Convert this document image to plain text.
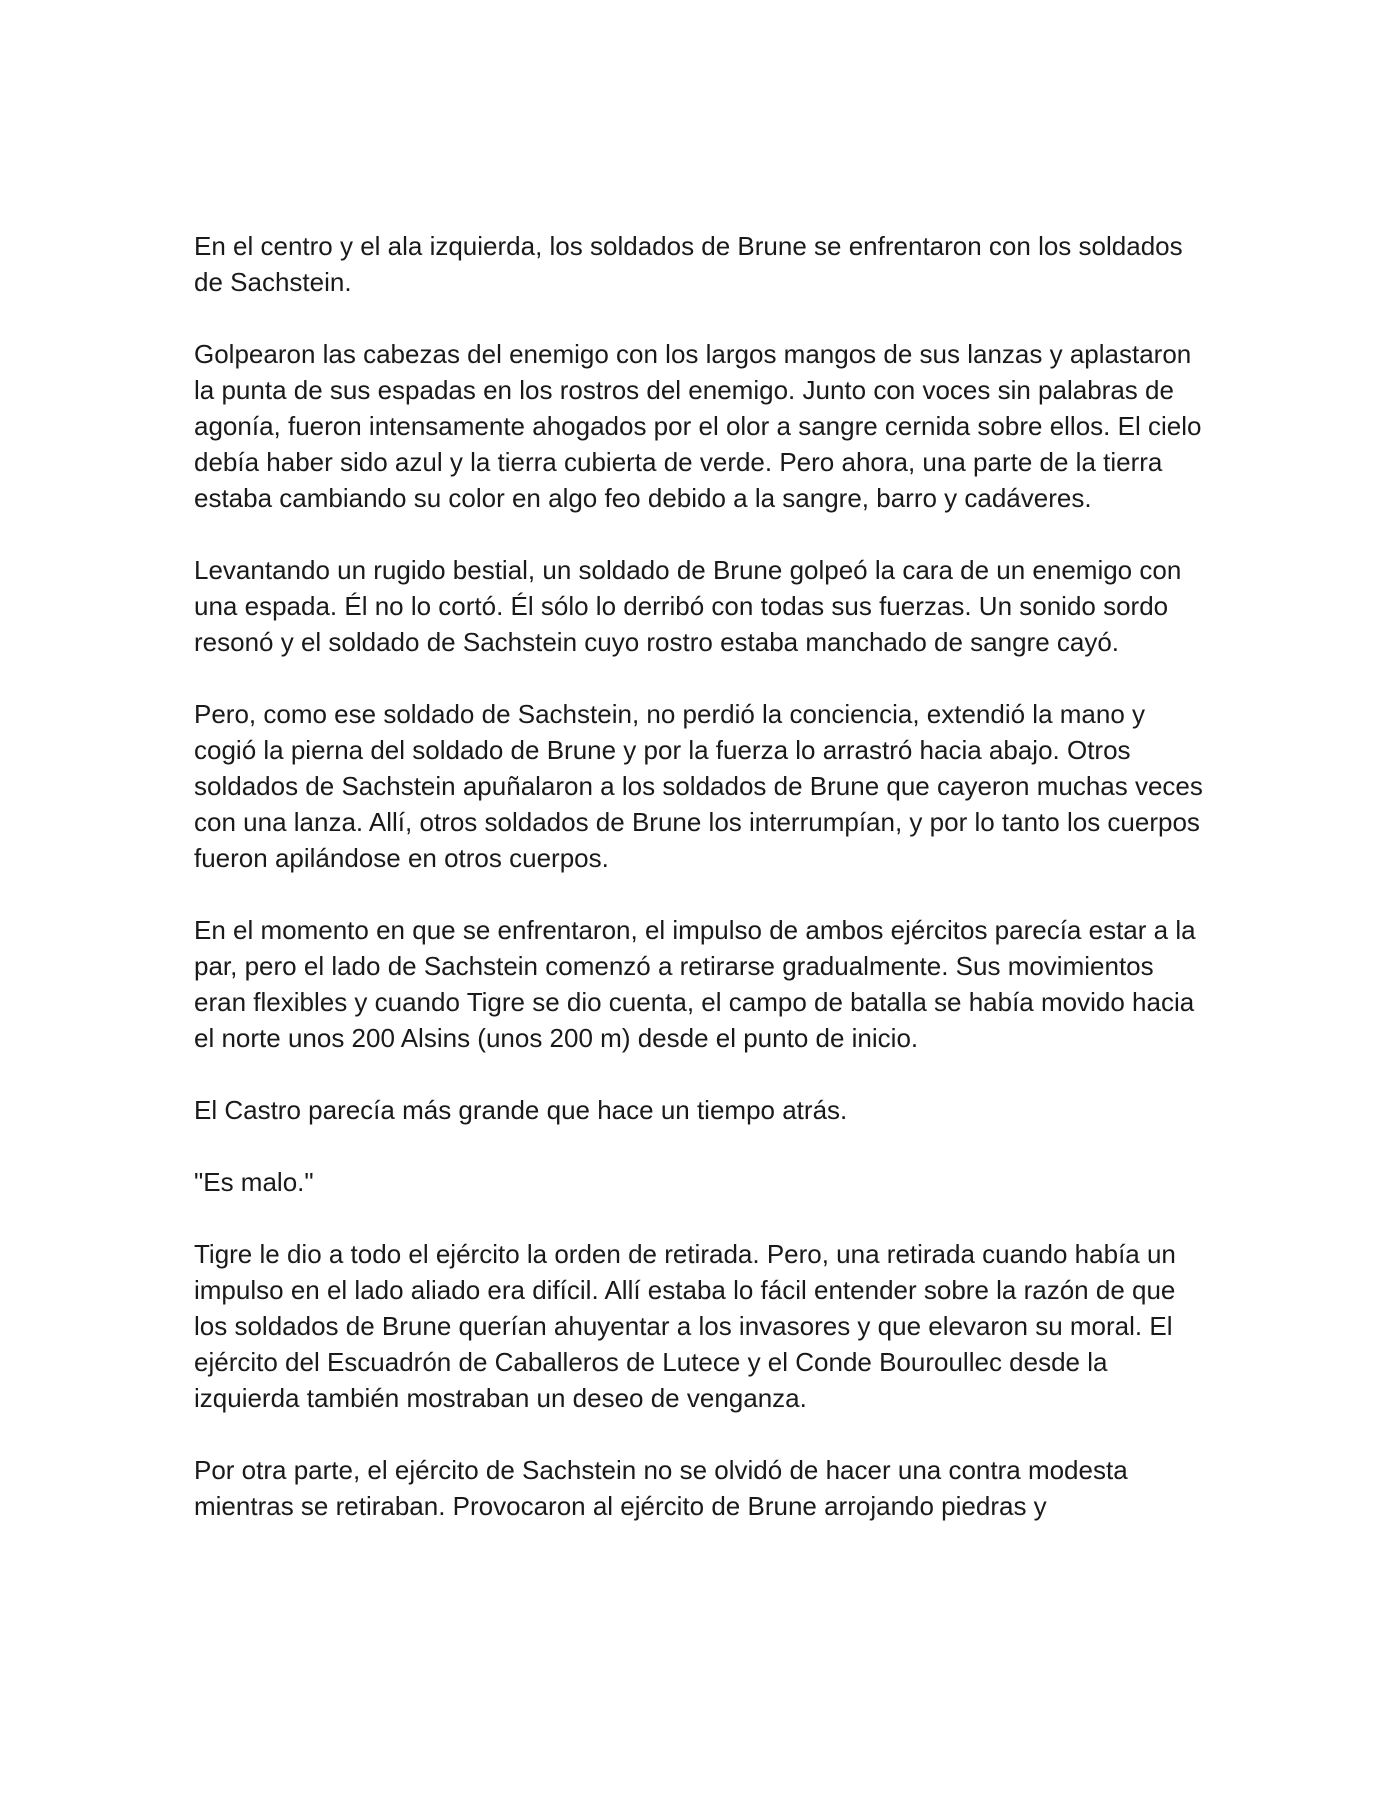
En el centro y el ala izquierda, los soldados de Brune se enfrentaron con los soldados de Sachstein.

Golpearon las cabezas del enemigo con los largos mangos de sus lanzas y aplastaron la punta de sus espadas en los rostros del enemigo. Junto con voces sin palabras de agonía, fueron intensamente ahogados por el olor a sangre cernida sobre ellos. El cielo debía haber sido azul y la tierra cubierta de verde. Pero ahora, una parte de la tierra estaba cambiando su color en algo feo debido a la sangre, barro y cadáveres.

Levantando un rugido bestial, un soldado de Brune golpeó la cara de un enemigo con una espada. Él no lo cortó. Él sólo lo derribó con todas sus fuerzas. Un sonido sordo resonó y el soldado de Sachstein cuyo rostro estaba manchado de sangre cayó.

Pero, como ese soldado de Sachstein, no perdió la conciencia, extendió la mano y cogió la pierna del soldado de Brune y por la fuerza lo arrastró hacia abajo. Otros soldados de Sachstein apuñalaron a los soldados de Brune que cayeron muchas veces con una lanza. Allí, otros soldados de Brune los interrumpían, y por lo tanto los cuerpos fueron apilándose en otros cuerpos.

En el momento en que se enfrentaron, el impulso de ambos ejércitos parecía estar a la par, pero el lado de Sachstein comenzó a retirarse gradualmente. Sus movimientos eran flexibles y cuando Tigre se dio cuenta, el campo de batalla se había movido hacia el norte unos 200 Alsins (unos 200 m) desde el punto de inicio.

El Castro parecía más grande que hace un tiempo atrás.

"Es malo."

Tigre le dio a todo el ejército la orden de retirada. Pero, una retirada cuando había un impulso en el lado aliado era difícil. Allí estaba lo fácil entender sobre la razón de que los soldados de Brune querían ahuyentar a los invasores y que elevaron su moral. El ejército del Escuadrón de Caballeros de Lutece y el Conde Bouroullec desde la izquierda también mostraban un deseo de venganza.

Por otra parte, el ejército de Sachstein no se olvidó de hacer una contra modesta mientras se retiraban. Provocaron al ejército de Brune arrojando piedras y
